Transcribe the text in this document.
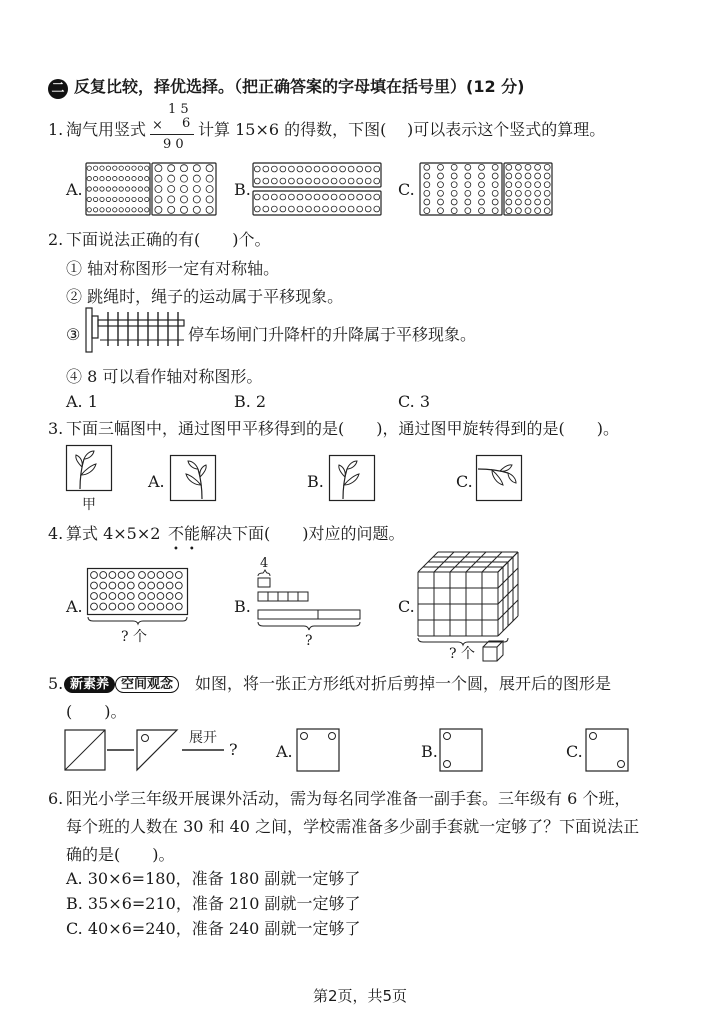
二 反复比较，择优选择。（把正确答案的字母填在括号里）(12 分)
1. 淘气用竖式
1 5
× 6
9 0
计算 15×6 的得数，下图( )可以表示这个竖式的算理。
A.	B.	C.
2. 下面说法正确的有(　　)个。
① 轴对称图形一定有对称轴。
② 跳绳时，绳子的运动属于平移现象。
③	停车场闸门升降杆的升降属于平移现象。
④ 8 可以看作轴对称图形。
A. 1	B. 2	C. 3
3. 下面三幅图中，通过图甲平移得到的是(　　)，通过图甲旋转得到的是(　　)。
甲
A.	B.	C.
4. 算式 4×5×2 不能
••
解决下面(　　)对应的问题。
A.
? 个
B.
4
?
C.
? 个
5. 新素养 空间观念	如图，将一张正方形纸对折后剪掉一个圆，展开后的图形是
(　　)。
展开
? A.	B.	C.
6. 阳光小学三年级开展课外活动，需为每名同学准备一副手套。三年级有 6 个班，
每个班的人数在 30 和 40 之间，学校需准备多少副手套就一定够了？下面说法正
确的是(　　)。
A. 30×6=180，准备 180 副就一定够了
B. 35×6=210，准备 210 副就一定够了
C. 40×6=240，准备 240 副就一定够了
第2页，共5页
